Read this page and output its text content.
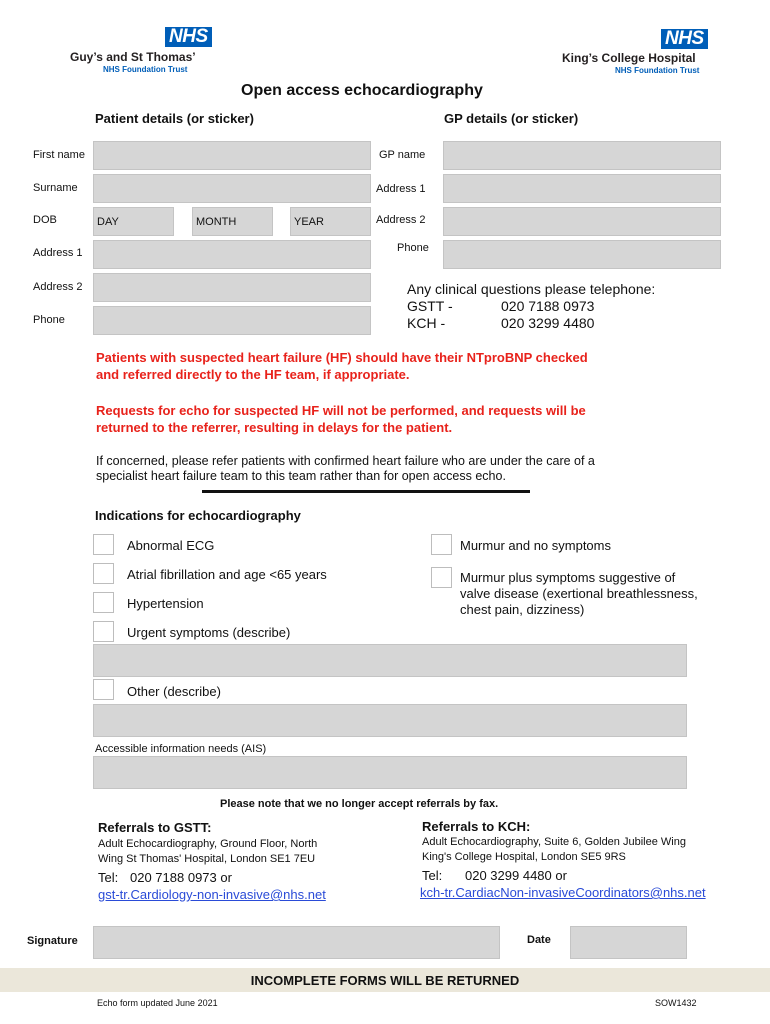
NHS
Guy’s and St Thomas’
NHS Foundation Trust
NHS
King’s College Hospital
NHS Foundation Trust
Open access echocardiography
Patient details (or sticker)	GP details (or sticker)
First name
Surname
DOB	DAY	MONTH	YEAR
Address 1
Address 2
Phone
GP name
Address 1
Address 2
Phone
Any clinical questions please telephone:
GSTT -	020 7188 0973
KCH -	020 3299 4480
Patients with suspected heart failure (HF) should have their NTproBNP checked
and referred directly to the HF team, if appropriate.
Requests for echo for suspected HF will not be performed, and requests will be
returned to the referrer, resulting in delays for the patient.
If concerned, please refer patients with confirmed heart failure who are under the care of a
specialist heart failure team to this team rather than for open access echo.
Indications for echocardiography
Abnormal ECG
Atrial fibrillation and age <65 years
Hypertension
Urgent symptoms (describe)
Murmur and no symptoms
Murmur plus symptoms suggestive of
valve disease (exertional breathlessness,
chest pain, dizziness)
Other (describe)
Accessible information needs (AIS)
Please note that we no longer accept referrals by fax.
Referrals to GSTT:
Adult Echocardiography, Ground Floor, North
Wing St Thomas' Hospital, London SE1 7EU
Tel: 020 7188 0973 or
gst-tr.Cardiology-non-invasive@nhs.net
Referrals to KCH:
Adult Echocardiography, Suite 6, Golden Jubilee Wing
King's College Hospital, London SE5 9RS
Tel: 020 3299 4480 or
kch-tr.CardiacNon-invasiveCoordinators@nhs.net
Signature	Date
INCOMPLETE FORMS WILL BE RETURNED
Echo form updated June 2021	SOW1432
